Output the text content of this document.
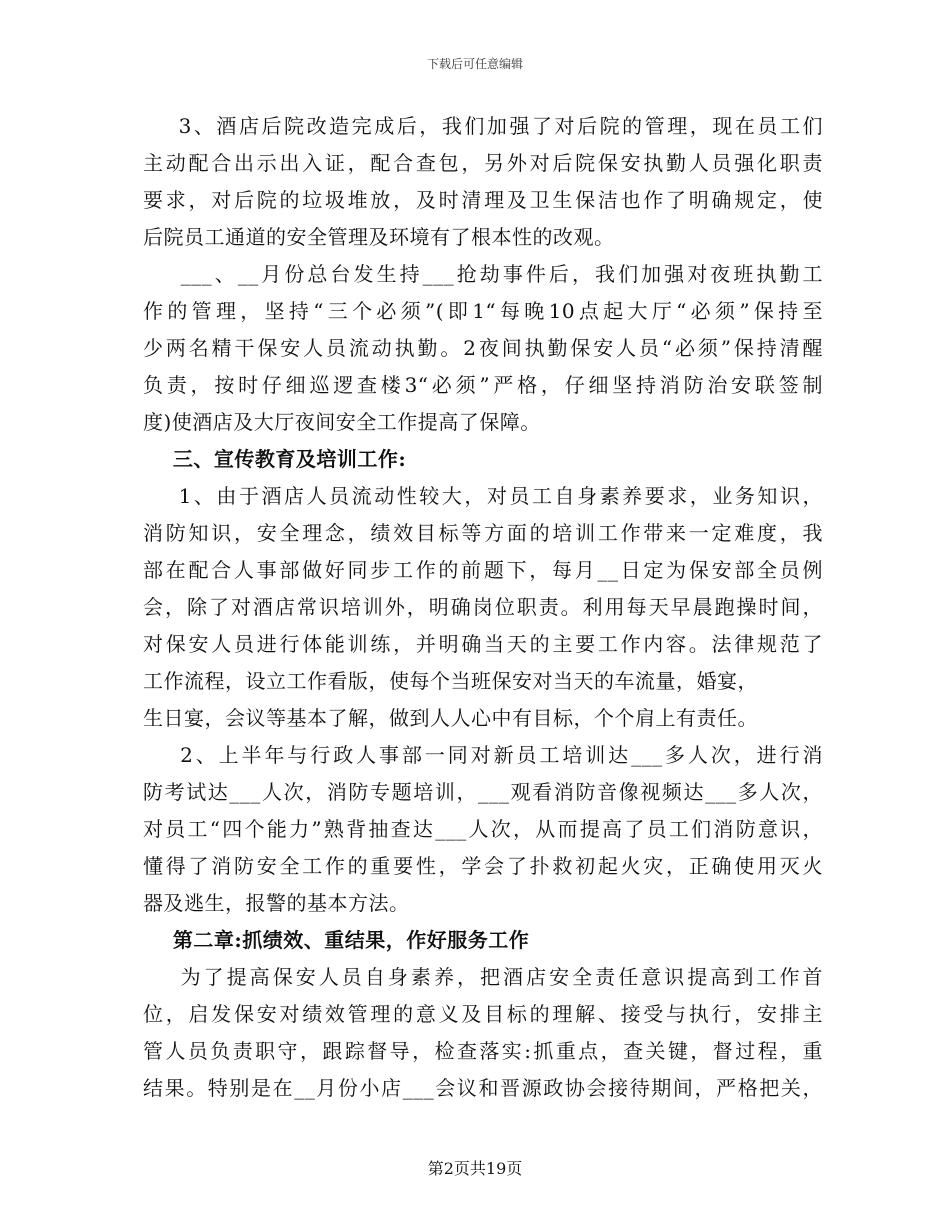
下载后可任意编辑
3、酒店后院改造完成后，我们加强了对后院的管理，现在员工们
主动配合出示出入证，配合查包，另外对后院保安执勤人员强化职责
要求，对后院的垃圾堆放，及时清理及卫生保洁也作了明确规定，使
后院员工通道的安全管理及环境有了根本性的改观。
___、__月份总台发生持___抢劫事件后，我们加强对夜班执勤工
作的管理，坚持“三个必须”(即1“每晚10点起大厅“必须”保持至
少两名精干保安人员流动执勤。2夜间执勤保安人员“必须”保持清醒
负责，按时仔细巡逻查楼3“必须”严格，仔细坚持消防治安联签制
度)使酒店及大厅夜间安全工作提高了保障。
三、宣传教育及培训工作:
1、由于酒店人员流动性较大，对员工自身素养要求，业务知识，
消防知识，安全理念，绩效目标等方面的培训工作带来一定难度，我
部在配合人事部做好同步工作的前题下，每月__日定为保安部全员例
会，除了对酒店常识培训外，明确岗位职责。利用每天早晨跑操时间，
对保安人员进行体能训练，并明确当天的主要工作内容。法律规范了
工作流程，设立工作看版，使每个当班保安对当天的车流量，婚宴，
生日宴，会议等基本了解，做到人人心中有目标，个个肩上有责任。
2、上半年与行政人事部一同对新员工培训达___多人次，进行消
防考试达___人次，消防专题培训，___观看消防音像视频达___多人次，
对员工“四个能力”熟背抽查达___人次，从而提高了员工们消防意识，
懂得了消防安全工作的重要性，学会了扑救初起火灾，正确使用灭火
器及逃生，报警的基本方法。
第二章:抓绩效、重结果，作好服务工作
为了提高保安人员自身素养，把酒店安全责任意识提高到工作首
位，启发保安对绩效管理的意义及目标的理解、接受与执行，安排主
管人员负责职守，跟踪督导，检查落实:抓重点，查关键，督过程，重
结果。特别是在__月份小店___会议和晋源政协会接待期间，严格把关，
第2页共19页
